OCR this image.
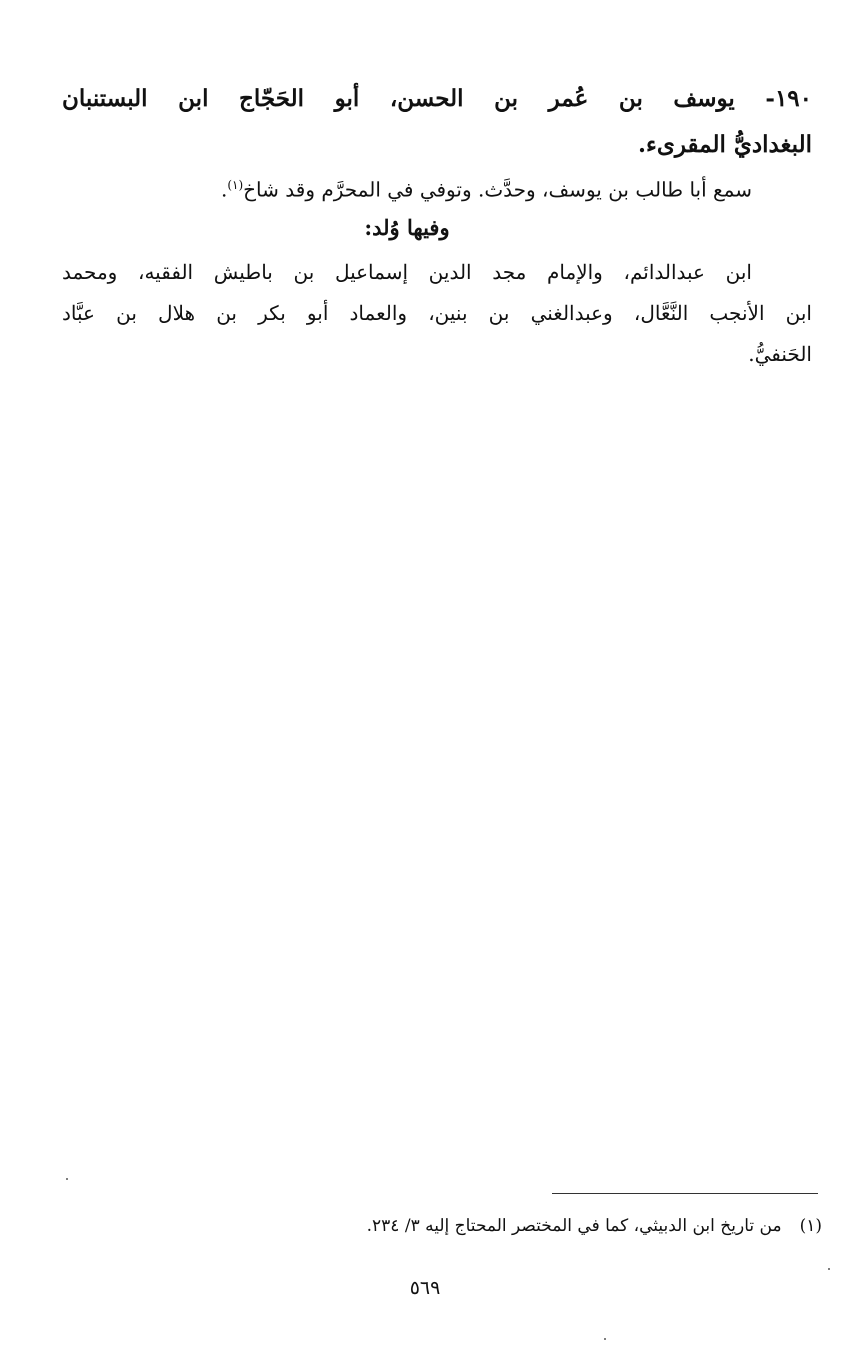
١٩٠- يوسف بن عُمر بن الحسن، أبو الحَجّاج ابن البستنبان
البغداديُّ المقرىء.
سمع أبا طالب بن يوسف، وحدَّث. وتوفي في المحرَّم وقد شاخ$^{(١)}$.
وفيها وُلد:
ابن عبدالدائم، والإمام مجد الدين إسماعيل بن باطيش الفقيه، ومحمد
ابن الأنجب النَّعَّال، وعبدالغني بن بنين، والعماد أبو بكر بن هلال بن عبَّاد
الحَنفيُّ.
(١)من تاريخ ابن الدبيثي، كما في المختصر المحتاج إليه ٣/ ٢٣٤.
٥٦٩
